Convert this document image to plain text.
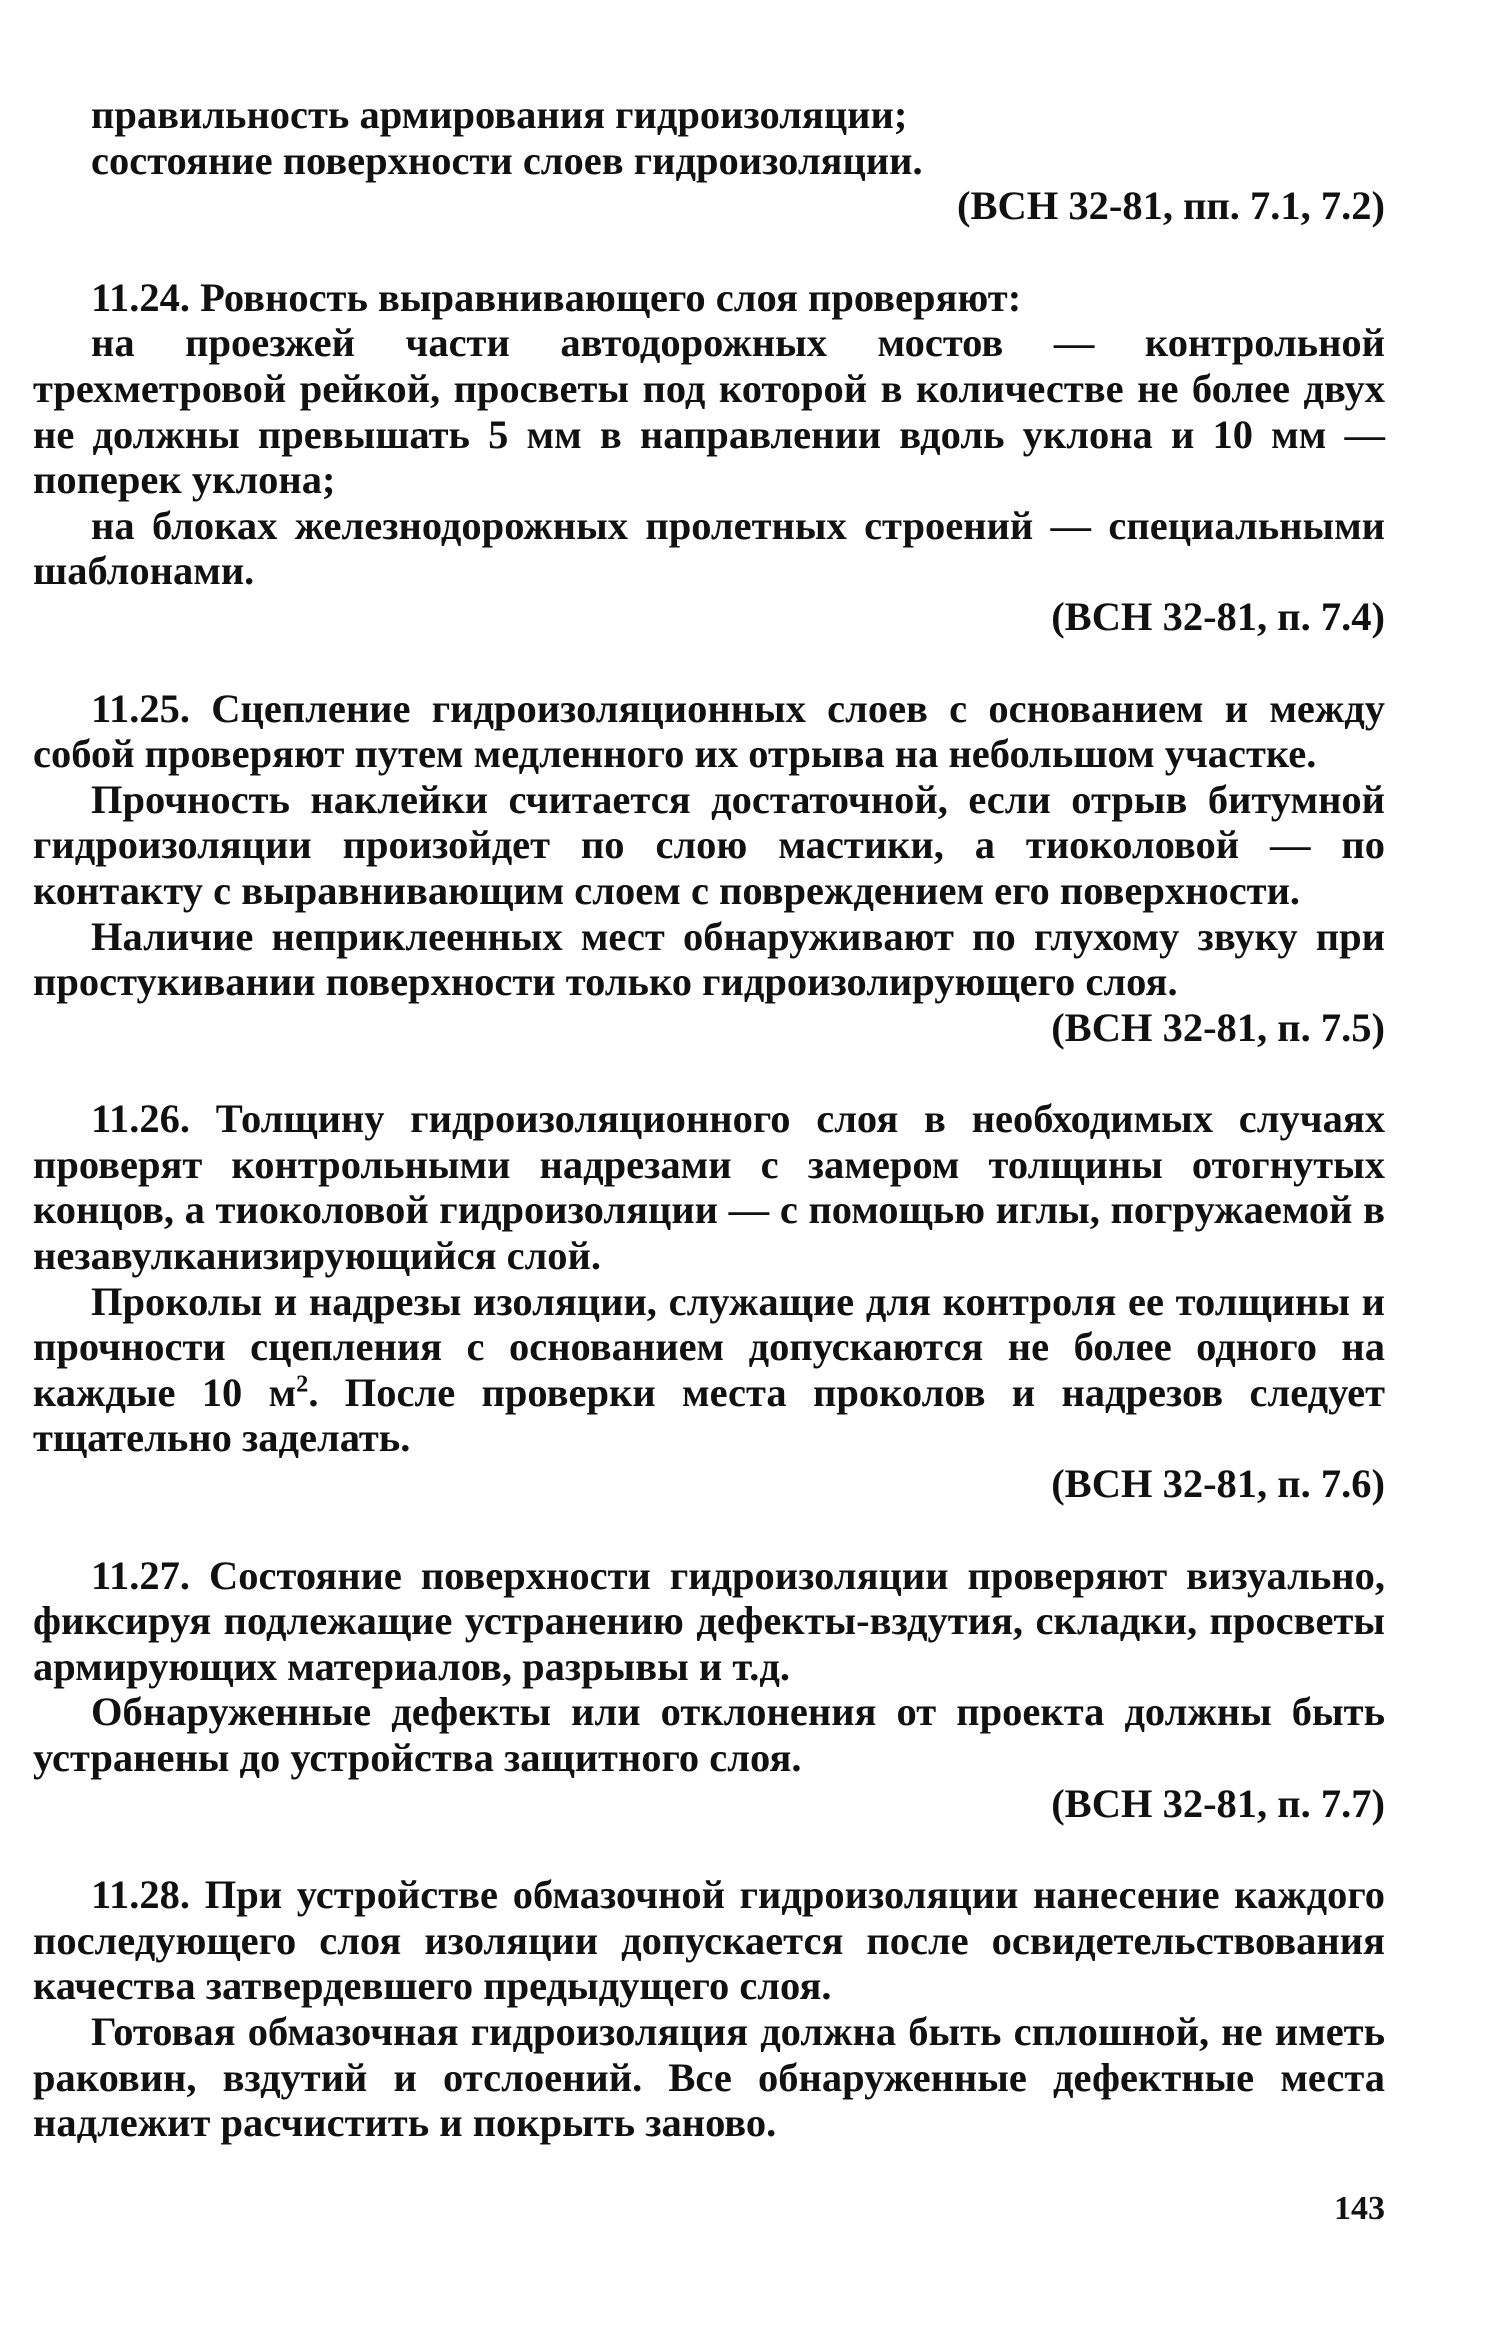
правильность армирования гидроизоляции;

состояние поверхности слоев гидроизоляции.

(ВСН 32-81, пп. 7.1, 7.2)

11.24. Ровность выравнивающего слоя проверяют:

на проезжей части автодорожных мостов — контрольной трехметровой рейкой, просветы под которой в количестве не более двух не должны превышать 5 мм в направлении вдоль уклона и 10 мм — поперек уклона;

на блоках железнодорожных пролетных строений — специальными шаблонами.

(ВСН 32-81, п. 7.4)

11.25. Сцепление гидроизоляционных слоев с основанием и между собой проверяют путем медленного их отрыва на небольшом участке.

Прочность наклейки считается достаточной, если отрыв битумной гидроизоляции произойдет по слою мастики, а тиоколовой — по контакту с выравнивающим слоем с повреждением его поверхности.

Наличие неприклеенных мест обнаруживают по глухому звуку при простукивании поверхности только гидроизолирующего слоя.

(ВСН 32-81, п. 7.5)

11.26. Толщину гидроизоляционного слоя в необходимых случаях проверят контрольными надрезами с замером толщины отогнутых концов, а тиоколовой гидроизоляции — с помощью иглы, погружаемой в незавулканизирующийся слой.

Проколы и надрезы изоляции, служащие для контроля ее толщины и прочности сцепления с основанием допускаются не более одного на каждые 10 $м^2$. После проверки места проколов и надрезов следует тщательно заделать.

(ВСН 32-81, п. 7.6)

11.27. Состояние поверхности гидроизоляции проверяют визуально, фиксируя подлежащие устранению дефекты-вздутия, складки, просветы армирующих материалов, разрывы и т.д.

Обнаруженные дефекты или отклонения от проекта должны быть устранены до устройства защитного слоя.

(ВСН 32-81, п. 7.7)

11.28. При устройстве обмазочной гидроизоляции нанесение каждого последующего слоя изоляции допускается после освидетельствования качества затвердевшего предыдущего слоя.

Готовая обмазочная гидроизоляция должна быть сплошной, не иметь раковин, вздутий и отслоений. Все обнаруженные дефектные места надлежит расчистить и покрыть заново.

143
